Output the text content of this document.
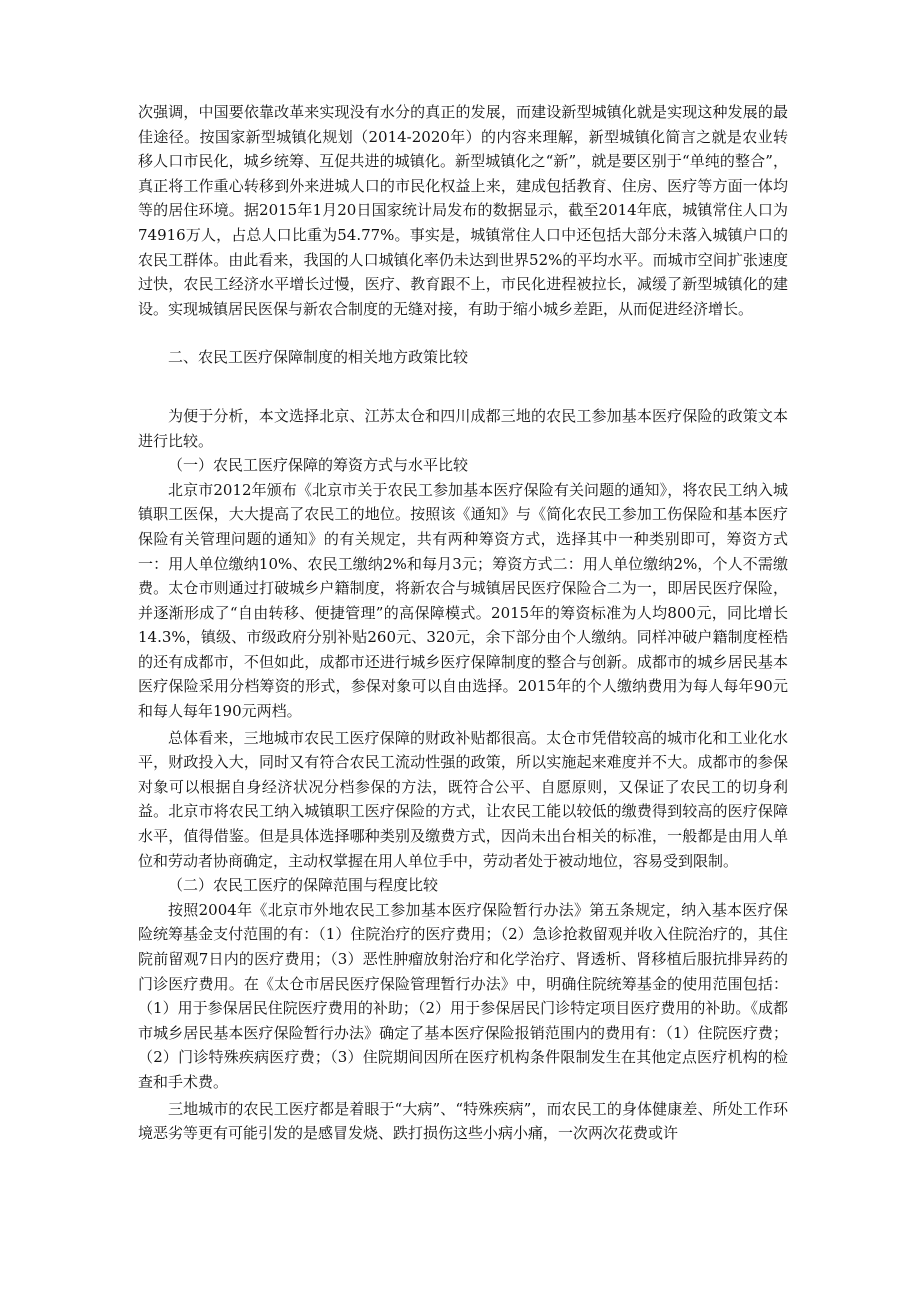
次强调，中国要依靠改革来实现没有水分的真正的发展，而建设新型城镇化就是实现这种发展的最佳途径。按国家新型城镇化规划（2014-2020年）的内容来理解，新型城镇化简言之就是农业转移人口市民化，城乡统筹、互促共进的城镇化。新型城镇化之“新”，就是要区别于“单纯的整合”，真正将工作重心转移到外来进城人口的市民化权益上来，建成包括教育、住房、医疗等方面一体均等的居住环境。据2015年1月20日国家统计局发布的数据显示，截至2014年底，城镇常住人口为74916万人，占总人口比重为54.77%。事实是，城镇常住人口中还包括大部分未落入城镇户口的农民工群体。由此看来，我国的人口城镇化率仍未达到世界52%的平均水平。而城市空间扩张速度过快，农民工经济水平增长过慢，医疗、教育跟不上，市民化进程被拉长，减缓了新型城镇化的建设。实现城镇居民医保与新农合制度的无缝对接，有助于缩小城乡差距，从而促进经济增长。

二、农民工医疗保障制度的相关地方政策比较

为便于分析，本文选择北京、江苏太仓和四川成都三地的农民工参加基本医疗保险的政策文本进行比较。

（一）农民工医疗保障的筹资方式与水平比较

北京市2012年颁布《北京市关于农民工参加基本医疗保险有关问题的通知》，将农民工纳入城镇职工医保，大大提高了农民工的地位。按照该《通知》与《简化农民工参加工伤保险和基本医疗保险有关管理问题的通知》的有关规定，共有两种筹资方式，选择其中一种类别即可，筹资方式一：用人单位缴纳10%、农民工缴纳2%和每月3元；筹资方式二：用人单位缴纳2%，个人不需缴费。太仓市则通过打破城乡户籍制度，将新农合与城镇居民医疗保险合二为一，即居民医疗保险，并逐渐形成了“自由转移、便捷管理”的高保障模式。2015年的筹资标准为人均800元，同比增长14.3%，镇级、市级政府分别补贴260元、320元，余下部分由个人缴纳。同样冲破户籍制度桎梏的还有成都市，不但如此，成都市还进行城乡医疗保障制度的整合与创新。成都市的城乡居民基本医疗保险采用分档筹资的形式，参保对象可以自由选择。2015年的个人缴纳费用为每人每年90元和每人每年190元两档。

总体看来，三地城市农民工医疗保障的财政补贴都很高。太仓市凭借较高的城市化和工业化水平，财政投入大，同时又有符合农民工流动性强的政策，所以实施起来难度并不大。成都市的参保对象可以根据自身经济状况分档参保的方法，既符合公平、自愿原则，又保证了农民工的切身利益。北京市将农民工纳入城镇职工医疗保险的方式，让农民工能以较低的缴费得到较高的医疗保障水平，值得借鉴。但是具体选择哪种类别及缴费方式，因尚未出台相关的标准，一般都是由用人单位和劳动者协商确定，主动权掌握在用人单位手中，劳动者处于被动地位，容易受到限制。

（二）农民工医疗的保障范围与程度比较

按照2004年《北京市外地农民工参加基本医疗保险暂行办法》第五条规定，纳入基本医疗保险统筹基金支付范围的有：（1）住院治疗的医疗费用；（2）急诊抢救留观并收入住院治疗的，其住院前留观7日内的医疗费用；（3）恶性肿瘤放射治疗和化学治疗、肾透析、肾移植后服抗排异药的门诊医疗费用。在《太仓市居民医疗保险管理暂行办法》中，明确住院统筹基金的使用范围包括：（1）用于参保居民住院医疗费用的补助；（2）用于参保居民门诊特定项目医疗费用的补助。《成都市城乡居民基本医疗保险暂行办法》确定了基本医疗保险报销范围内的费用有：（1）住院医疗费；（2）门诊特殊疾病医疗费；（3）住院期间因所在医疗机构条件限制发生在其他定点医疗机构的检查和手术费。

三地城市的农民工医疗都是着眼于“大病”、“特殊疾病”，而农民工的身体健康差、所处工作环境恶劣等更有可能引发的是感冒发烧、跌打损伤这些小病小痛，一次两次花费或许
